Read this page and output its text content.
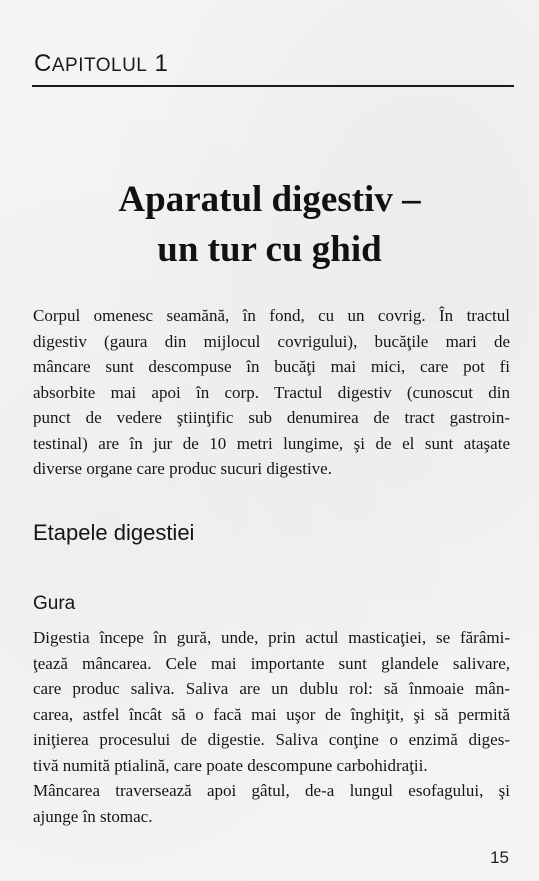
CAPITOLUL 1
Aparatul digestiv –
un tur cu ghid
Corpul omenesc seamănă, în fond, cu un covrig. În tractul
digestiv (gaura din mijlocul covrigului), bucăţile mari de
mâncare sunt descompuse în bucăţi mai mici, care pot fi
absorbite mai apoi în corp. Tractul digestiv (cunoscut din
punct de vedere ştiinţific sub denumirea de tract gastroin-
testinal) are în jur de 10 metri lungime, şi de el sunt ataşate
diverse organe care produc sucuri digestive.
Etapele digestiei
Gura
Digestia începe în gură, unde, prin actul masticaţiei, se fărâmi-
ţează mâncarea. Cele mai importante sunt glandele salivare,
care produc saliva. Saliva are un dublu rol: să înmoaie mân-
carea, astfel încât să o facă mai uşor de înghiţit, şi să permită
iniţierea procesului de digestie. Saliva conţine o enzimă diges-
tivă numită ptialină, care poate descompune carbohidraţii.
Mâncarea traversează apoi gâtul, de-a lungul esofagului, şi
ajunge în stomac.
15
